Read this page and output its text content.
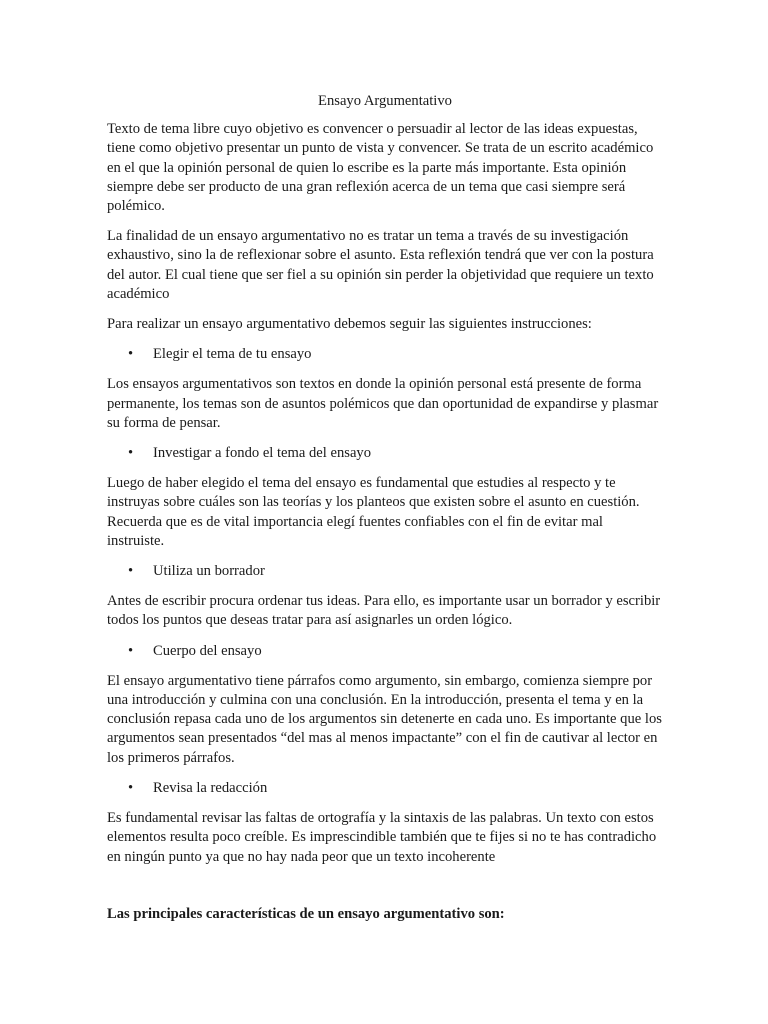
Ensayo Argumentativo

Texto de tema libre cuyo objetivo es convencer o persuadir al lector de las ideas expuestas, tiene como objetivo presentar un punto de vista y convencer. Se trata de un escrito académico en el que la opinión personal de quien lo escribe es la parte más importante. Esta opinión siempre debe ser producto de una gran reflexión acerca de un tema que casi siempre será polémico.

La finalidad de un ensayo argumentativo no es tratar un tema a través de su investigación exhaustivo, sino la de reflexionar sobre el asunto. Esta reflexión tendrá que ver con la postura del autor. El cual tiene que ser fiel a su opinión sin perder la objetividad que requiere un texto académico

Para realizar un ensayo argumentativo debemos seguir las siguientes instrucciones:

• Elegir el tema de tu ensayo

Los ensayos argumentativos son textos en donde la opinión personal está presente de forma permanente, los temas son de asuntos polémicos que dan oportunidad de expandirse y plasmar su forma de pensar.

• Investigar a fondo el tema del ensayo

Luego de haber elegido el tema del ensayo es fundamental que estudies al respecto y te instruyas sobre cuáles son las teorías y los planteos que existen sobre el asunto en cuestión. Recuerda que es de vital importancia elegí fuentes confiables con el fin de evitar mal instruiste.

• Utiliza un borrador

Antes de escribir procura ordenar tus ideas. Para ello, es importante usar un borrador y escribir todos los puntos que deseas tratar para así asignarles un orden lógico.

• Cuerpo del ensayo

El ensayo argumentativo tiene párrafos como argumento, sin embargo, comienza siempre por una introducción y culmina con una conclusión. En la introducción, presenta el tema y en la conclusión repasa cada uno de los argumentos sin detenerte en cada uno. Es importante que los argumentos sean presentados “del mas al menos impactante” con el fin de cautivar al lector en los primeros párrafos.

• Revisa la redacción

Es fundamental revisar las faltas de ortografía y la sintaxis de las palabras. Un texto con estos elementos resulta poco creíble. Es imprescindible también que te fijes si no te has contradicho en ningún punto ya que no hay nada peor que un texto incoherente

Las principales características de un ensayo argumentativo son:
